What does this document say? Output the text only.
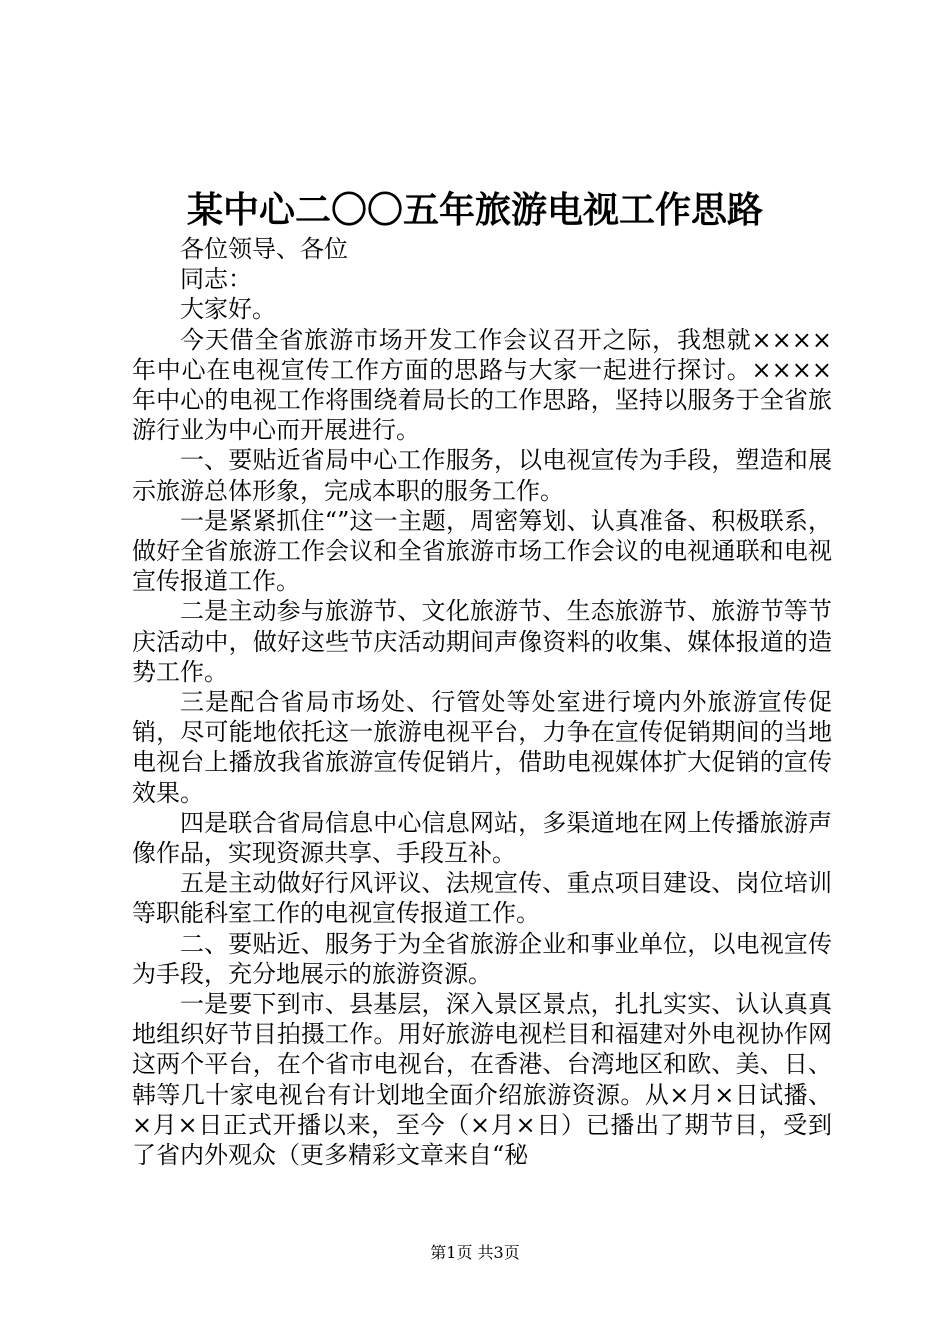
某中心二〇〇五年旅游电视工作思路

各位领导、各位

同志：

大家好。

今天借全省旅游市场开发工作会议召开之际，我想就××××年中心在电视宣传工作方面的思路与大家一起进行探讨。××××年中心的电视工作将围绕着局长的工作思路，坚持以服务于全省旅游行业为中心而开展进行。

一、要贴近省局中心工作服务，以电视宣传为手段，塑造和展示旅游总体形象，完成本职的服务工作。

一是紧紧抓住“”这一主题，周密筹划、认真准备、积极联系，做好全省旅游工作会议和全省旅游市场工作会议的电视通联和电视宣传报道工作。

二是主动参与旅游节、文化旅游节、生态旅游节、旅游节等节庆活动中，做好这些节庆活动期间声像资料的收集、媒体报道的造势工作。

三是配合省局市场处、行管处等处室进行境内外旅游宣传促销，尽可能地依托这一旅游电视平台，力争在宣传促销期间的当地电视台上播放我省旅游宣传促销片，借助电视媒体扩大促销的宣传效果。

四是联合省局信息中心信息网站，多渠道地在网上传播旅游声像作品，实现资源共享、手段互补。

五是主动做好行风评议、法规宣传、重点项目建设、岗位培训等职能科室工作的电视宣传报道工作。

二、要贴近、服务于为全省旅游企业和事业单位，以电视宣传为手段，充分地展示的旅游资源。

一是要下到市、县基层，深入景区景点，扎扎实实、认认真真地组织好节目拍摄工作。用好旅游电视栏目和福建对外电视协作网这两个平台，在个省市电视台，在香港、台湾地区和欧、美、日、韩等几十家电视台有计划地全面介绍旅游资源。从×月×日试播、×月×日正式开播以来，至今（×月×日）已播出了期节目，受到了省内外观众（更多精彩文章来自“秘

第1页 共3页
